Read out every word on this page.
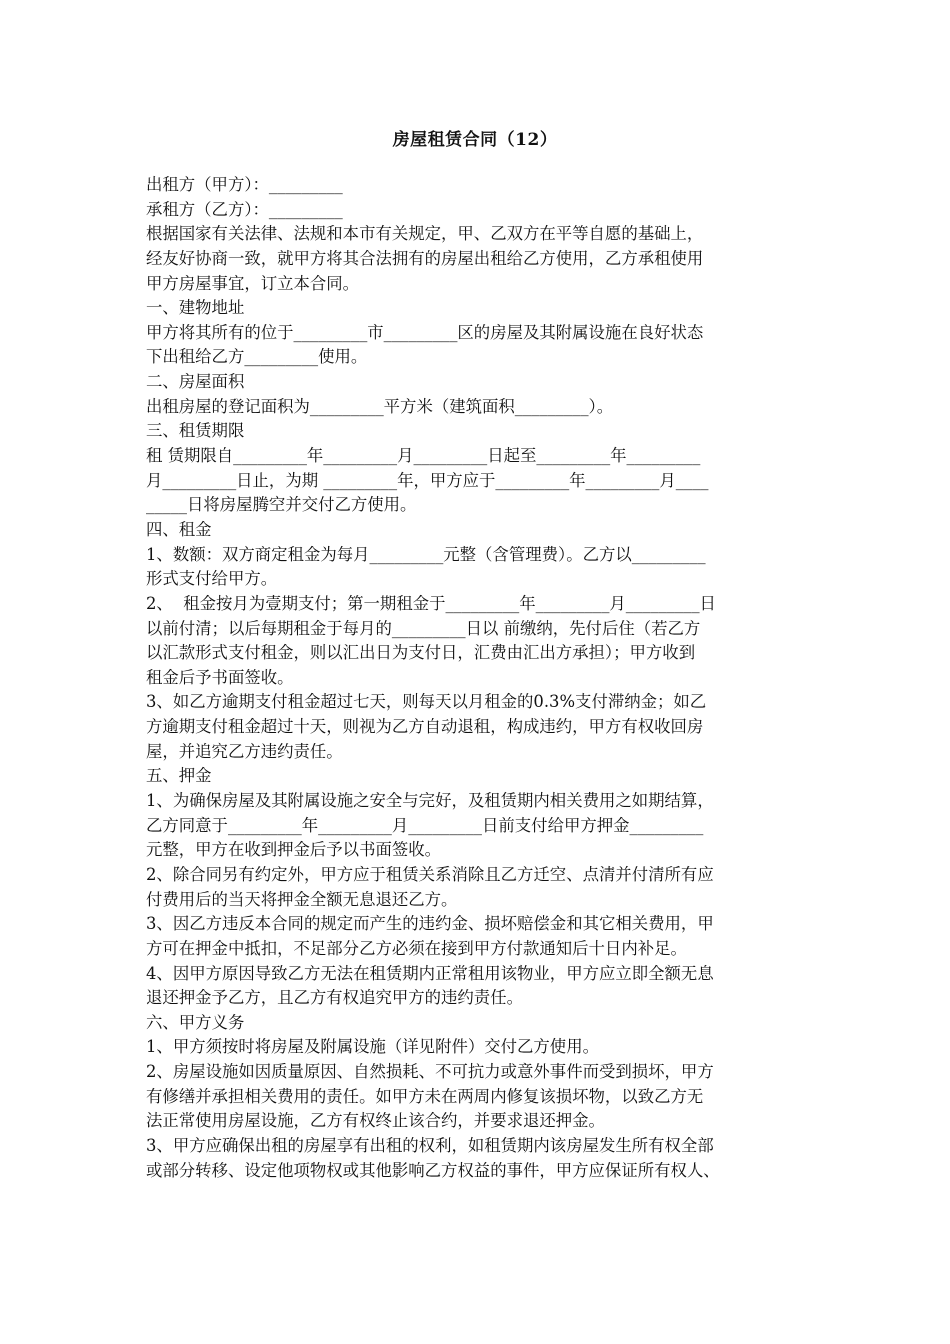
房屋租赁合同（12）
出租方（甲方）：_________
承租方（乙方）：_________
根据国家有关法律、法规和本市有关规定，甲、乙双方在平等自愿的基础上，
经友好协商一致，就甲方将其合法拥有的房屋出租给乙方使用，乙方承租使用
甲方房屋事宜，订立本合同。
一、建物地址
甲方将其所有的位于_________市_________区的房屋及其附属设施在良好状态
下出租给乙方_________使用。
二、房屋面积
出租房屋的登记面积为_________平方米（建筑面积_________）。
三、租赁期限
租 赁期限自_________年_________月_________日起至_________年_________
月_________日止，为期 _________年，甲方应于_________年_________月____
_____日将房屋腾空并交付乙方使用。
四、租金
1、数额：双方商定租金为每月_________元整（含管理费）。乙方以_________
形式支付给甲方。
2、  租金按月为壹期支付；第一期租金于_________年_________月_________日
以前付清；以后每期租金于每月的_________日以 前缴纳，先付后住（若乙方
以汇款形式支付租金，则以汇出日为支付日，汇费由汇出方承担）；甲方收到
租金后予书面签收。
3、如乙方逾期支付租金超过七天，则每天以月租金的0.3%支付滞纳金；如乙
方逾期支付租金超过十天，则视为乙方自动退租，构成违约，甲方有权收回房
屋，并追究乙方违约责任。
五、押金
1、为确保房屋及其附属设施之安全与完好，及租赁期内相关费用之如期结算，
乙方同意于_________年_________月_________日前支付给甲方押金_________
元整，甲方在收到押金后予以书面签收。
2、除合同另有约定外，甲方应于租赁关系消除且乙方迁空、点清并付清所有应
付费用后的当天将押金全额无息退还乙方。
3、因乙方违反本合同的规定而产生的违约金、损坏赔偿金和其它相关费用，甲
方可在押金中抵扣，不足部分乙方必须在接到甲方付款通知后十日内补足。
4、因甲方原因导致乙方无法在租赁期内正常租用该物业，甲方应立即全额无息
退还押金予乙方，且乙方有权追究甲方的违约责任。
六、甲方义务
1、甲方须按时将房屋及附属设施（详见附件）交付乙方使用。
2、房屋设施如因质量原因、自然损耗、不可抗力或意外事件而受到损坏，甲方
有修缮并承担相关费用的责任。如甲方未在两周内修复该损坏物，以致乙方无
法正常使用房屋设施，乙方有权终止该合约，并要求退还押金。
3、甲方应确保出租的房屋享有出租的权利，如租赁期内该房屋发生所有权全部
或部分转移、设定他项物权或其他影响乙方权益的事件，甲方应保证所有权人、
